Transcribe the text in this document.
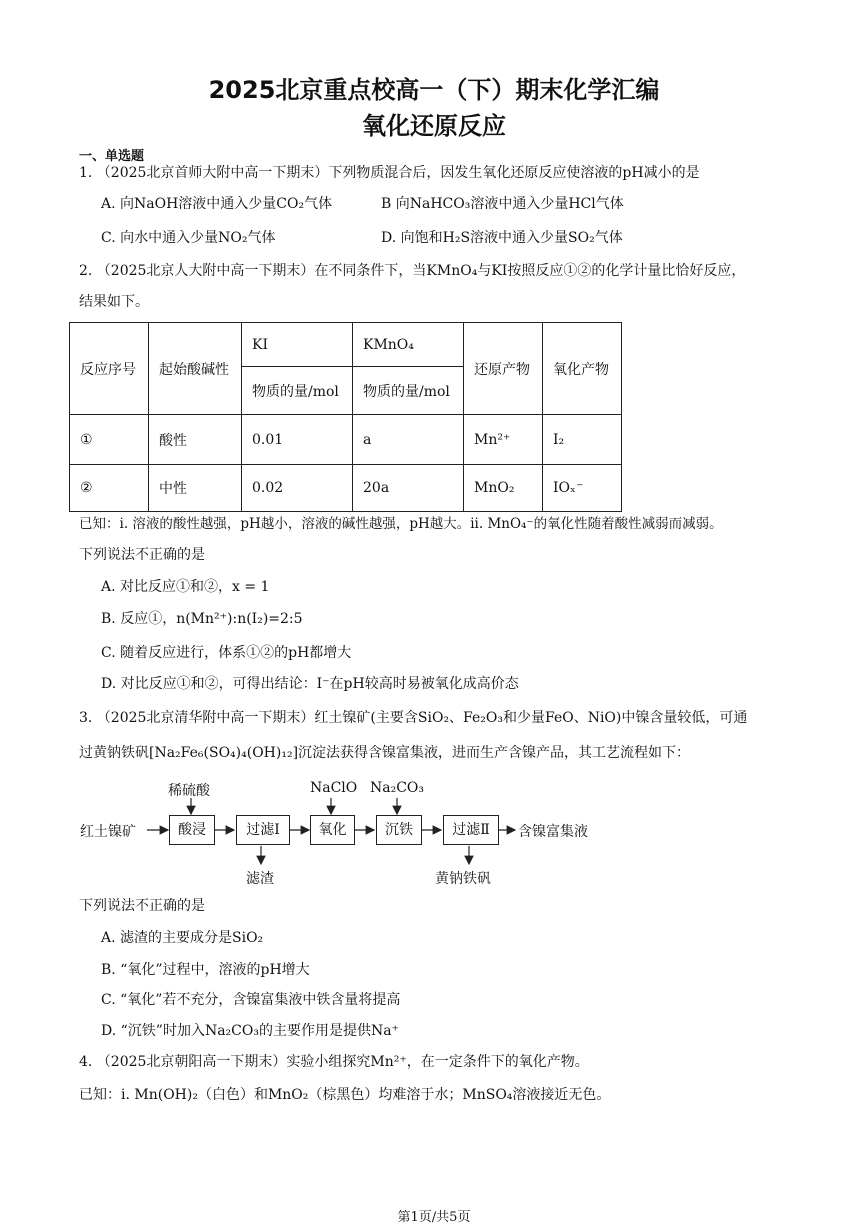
2025北京重点校高一（下）期末化学汇编
氧化还原反应
一、单选题
1. （2025北京首师大附中高一下期末）下列物质混合后，因发生氧化还原反应使溶液的pH减小的是
A. 向NaOH溶液中通入少量CO₂气体	B 向NaHCO₃溶液中通入少量HCl气体
C. 向水中通入少量NO₂气体	D. 向饱和H₂S溶液中通入少量SO₂气体
2. （2025北京人大附中高一下期末）在不同条件下，当KMnO₄与KI按照反应①②的化学计量比恰好反应，
结果如下。
反应序号	起始酸碱性	KI	KMnO₄	还原产物	氧化产物
		物质的量/mol	物质的量/mol		
①	酸性	0.01	a	Mn²⁺	I₂
②	中性	0.02	20a	MnO₂	IOₓ⁻
已知：i. 溶液的酸性越强，pH越小，溶液的碱性越强，pH越大。ii. MnO₄⁻的氧化性随着酸性减弱而减弱。
下列说法不正确的是
A. 对比反应①和②，x = 1
B. 反应①，n(Mn²⁺):n(I₂)=2:5
C. 随着反应进行，体系①②的pH都增大
D. 对比反应①和②，可得出结论：I⁻在pH较高时易被氧化成高价态
3. （2025北京清华附中高一下期末）红土镍矿(主要含SiO₂、Fe₂O₃和少量FeO、NiO)中镍含量较低，可通
过黄钠铁矾[Na₂Fe₆(SO₄)₄(OH)₁₂]沉淀法获得含镍富集液，进而生产含镍产品，其工艺流程如下：
红土镍矿
稀硫酸	NaClO Na₂CO₃
酸浸	过滤Ⅰ	氧化	沉铁	过滤Ⅱ	含镍富集液
滤渣	黄钠铁矾
下列说法不正确的是
A. 滤渣的主要成分是SiO₂
B. “氧化”过程中，溶液的pH增大
C. “氧化”若不充分，含镍富集液中铁含量将提高
D. “沉铁”时加入Na₂CO₃的主要作用是提供Na⁺
4. （2025北京朝阳高一下期末）实验小组探究Mn²⁺，在一定条件下的氧化产物。
已知：ⅰ. Mn(OH)₂（白色）和MnO₂（棕黑色）均难溶于水；MnSO₄溶液接近无色。
第1页/共5页
